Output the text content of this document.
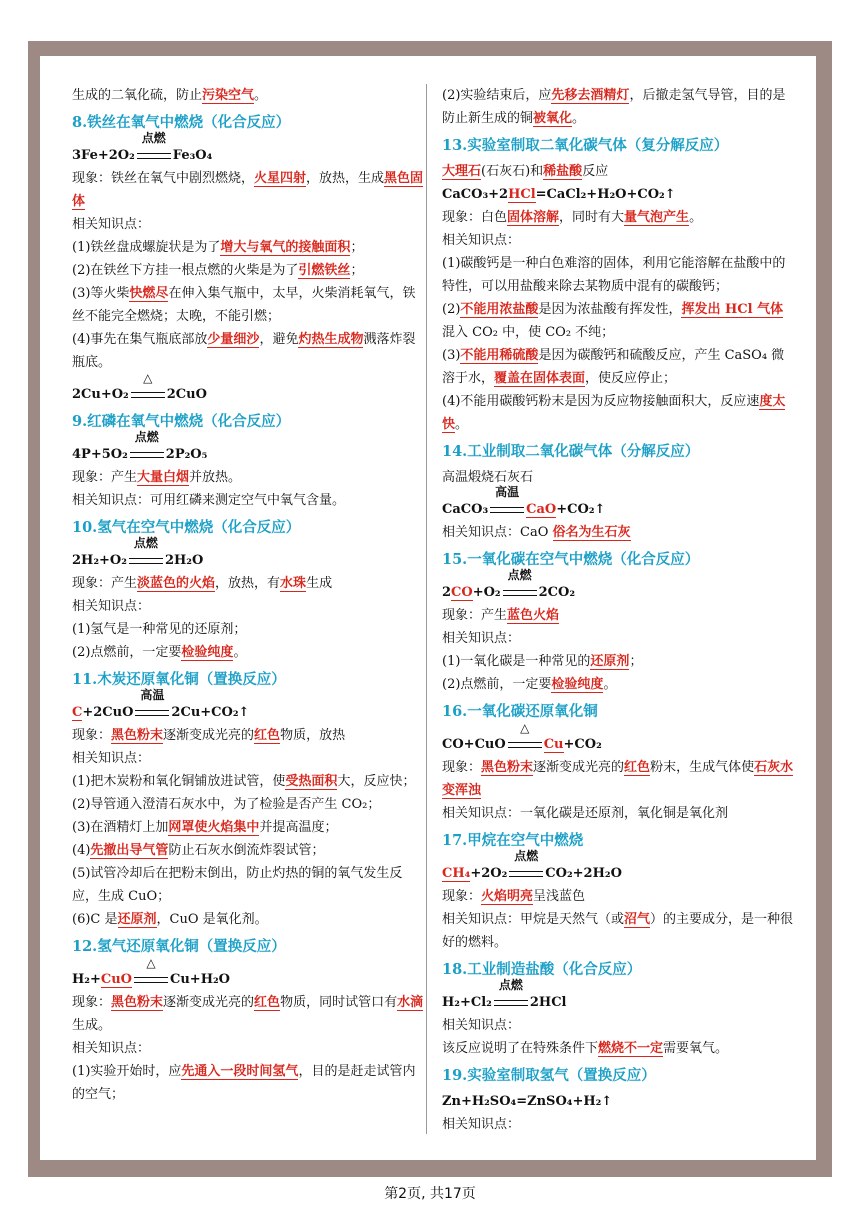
生成的二氧化硫，防止污染空气。

8.铁丝在氧气中燃烧（化合反应）

3Fe+2O₂
点燃
Fe₃O₄

现象：铁丝在氧气中剧烈燃烧，火星四射，放热，生成黑色固体

相关知识点：

(1)铁丝盘成螺旋状是为了增大与氧气的接触面积；

(2)在铁丝下方挂一根点燃的火柴是为了引燃铁丝；

(3)等火柴快燃尽在伸入集气瓶中，太早，火柴消耗氧气，铁丝不能完全燃烧；太晚，不能引燃；

(4)事先在集气瓶底部放少量细沙，避免灼热生成物溅落炸裂瓶底。

2Cu+O₂
△
2CuO

9.红磷在氧气中燃烧（化合反应）

4P+5O₂
点燃
2P₂O₅

现象：产生大量白烟并放热。

相关知识点：可用红磷来测定空气中氧气含量。

10.氢气在空气中燃烧（化合反应）

2H₂+O₂
点燃
2H₂O

现象：产生淡蓝色的火焰，放热，有水珠生成

相关知识点：

(1)氢气是一种常见的还原剂；

(2)点燃前，一定要检验纯度。

11.木炭还原氧化铜（置换反应）

C+2CuO
高温
2Cu+CO₂↑

现象：黑色粉末逐渐变成光亮的红色物质，放热

相关知识点：

(1)把木炭粉和氧化铜铺放进试管，使受热面积大，反应快；

(2)导管通入澄清石灰水中，为了检验是否产生 CO₂；

(3)在酒精灯上加网罩使火焰集中并提高温度；

(4)先撤出导气管防止石灰水倒流炸裂试管；

(5)试管冷却后在把粉末倒出，防止灼热的铜的氧气发生反应，生成 CuO；

(6)C 是还原剂，CuO 是氧化剂。

12.氢气还原氧化铜（置换反应）

H₂+CuO
△
Cu+H₂O

现象：黑色粉末逐渐变成光亮的红色物质，同时试管口有水滴生成。

相关知识点：

(1)实验开始时，应先通入一段时间氢气，目的是赶走试管内的空气；

(2)实验结束后，应先移去酒精灯，后撤走氢气导管，目的是防止新生成的铜被氧化。

13.实验室制取二氧化碳气体（复分解反应）

大理石(石灰石)和稀盐酸反应

CaCO₃+2HCl=CaCl₂+H₂O+CO₂↑

现象：白色固体溶解，同时有大量气泡产生。

相关知识点：

(1)碳酸钙是一种白色难溶的固体，利用它能溶解在盐酸中的特性，可以用盐酸来除去某物质中混有的碳酸钙；

(2)不能用浓盐酸是因为浓盐酸有挥发性，挥发出 HCl 气体混入 CO₂ 中，使 CO₂ 不纯；

(3)不能用稀硫酸是因为碳酸钙和硫酸反应，产生 CaSO₄ 微溶于水，覆盖在固体表面，使反应停止；

(4)不能用碳酸钙粉末是因为反应物接触面积大，反应速度太快。

14.工业制取二氧化碳气体（分解反应）

高温煅烧石灰石

CaCO₃
高温
CaO+CO₂↑

相关知识点：CaO 俗名为生石灰

15.一氧化碳在空气中燃烧（化合反应）

2CO+O₂
点燃
2CO₂

现象：产生蓝色火焰

相关知识点：

(1)一氧化碳是一种常见的还原剂；

(2)点燃前，一定要检验纯度。

16.一氧化碳还原氧化铜

CO+CuO
△
Cu+CO₂

现象：黑色粉末逐渐变成光亮的红色粉末，生成气体使石灰水变浑浊

相关知识点：一氧化碳是还原剂，氧化铜是氧化剂

17.甲烷在空气中燃烧

CH₄+2O₂
点燃
CO₂+2H₂O

现象：火焰明亮呈浅蓝色

相关知识点：甲烷是天然气（或沼气）的主要成分，是一种很好的燃料。

18.工业制造盐酸（化合反应）

H₂+Cl₂
点燃
2HCl

相关知识点：

该反应说明了在特殊条件下燃烧不一定需要氧气。

19.实验室制取氢气（置换反应）

Zn+H₂SO₄=ZnSO₄+H₂↑

相关知识点：

第2页, 共17页
